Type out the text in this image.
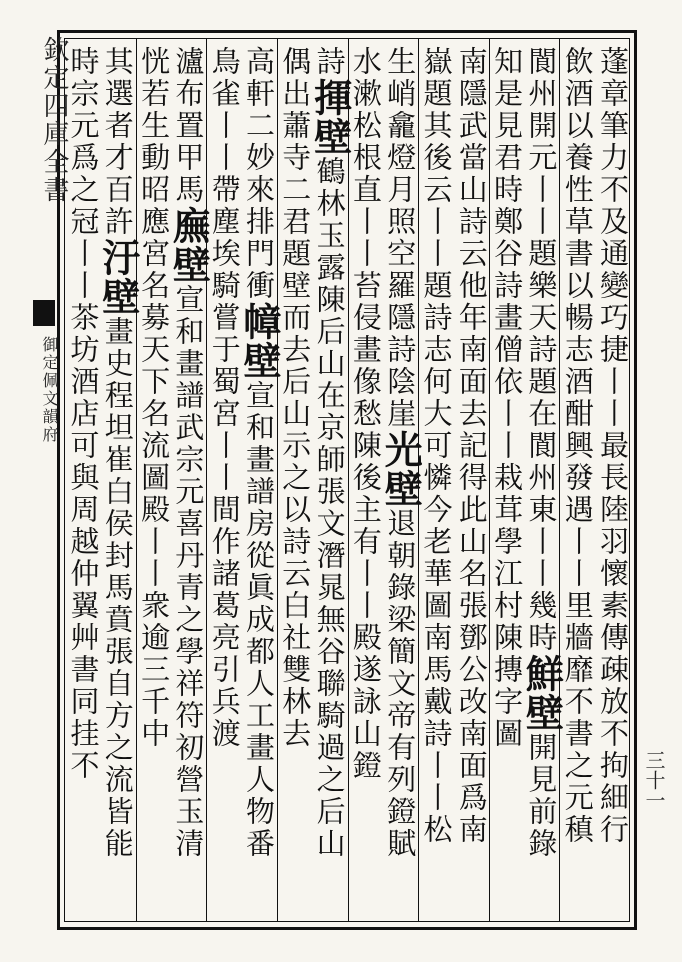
欽定四庫全書
御定佩文韻府
三十一
蓬章筆力不及通變巧捷丨丨最長陸羽懷素傳疎放不拘細行
飲酒以養性草書以暢志酒酣興發遇丨丨里牆靡不書之元稹
閬州開元丨丨題樂天詩題在閬州東丨丨幾時鮮壁開見前錄
知是見君時鄭谷詩畫僧依丨丨栽茸學江村陳摶字圖
南隱武當山詩云他年南面去記得此山名張鄧公改南面爲南
嶽題其後云丨丨題詩志何大可憐今老華圖南馬戴詩丨丨松
生峭龕燈月照空羅隱詩陰崖光壁退朝錄梁簡文帝有列鐙賦
水漱松根直丨丨苔侵畫像愁陳後主有丨丨殿遂詠山鐙
詩揮壁鶴林玉露陳后山在京師張文潛晁無谷聯騎過之后山
偶出蕭寺二君題壁而去后山示之以詩云白社雙林去
高軒二妙來排門衝幛壁宣和畫譜房從眞成都人工畫人物番
鳥雀丨丨帶塵埃騎嘗于蜀宮丨丨間作諸葛亮引兵渡
瀘布置甲馬廡壁宣和畫譜武宗元喜丹青之學祥符初營玉清
恍若生動昭應宮名募天下名流圖殿丨丨衆逾三千中
其選者才百許汙壁畫史程坦崔白侯封馬賁張自方之流皆能
時宗元爲之冠丨丨茶坊酒店可與周越仲翼艸書同挂不
